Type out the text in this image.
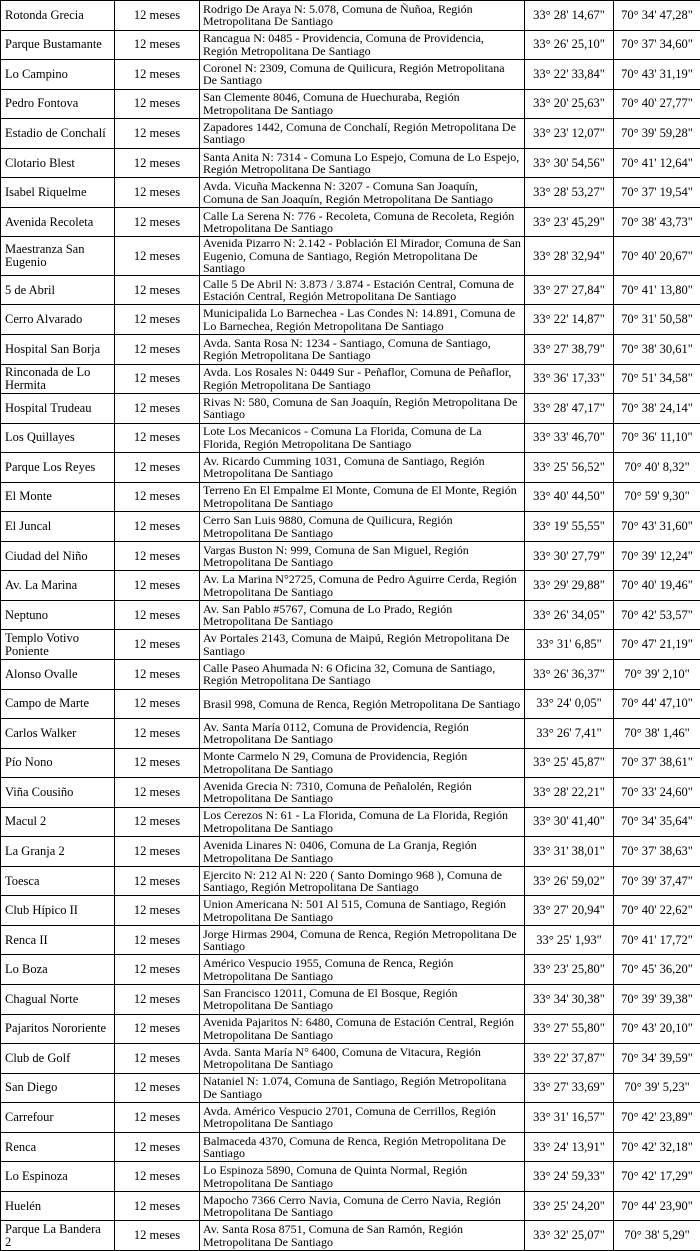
Rotonda Grecia	12 meses	Rodrigo De Araya N: 5.078, Comuna de Ñuñoa, Región Metropolitana De Santiago	33° 28' 14,67"	70° 34' 47,28"
Parque Bustamante	12 meses	Rancagua N: 0485 - Providencia, Comuna de Providencia, Región Metropolitana De Santiago	33° 26' 25,10"	70° 37' 34,60"
Lo Campino	12 meses	Coronel N: 2309, Comuna de Quilicura, Región Metropolitana De Santiago	33° 22' 33,84"	70° 43' 31,19"
Pedro Fontova	12 meses	San Clemente 8046, Comuna de Huechuraba, Región Metropolitana De Santiago	33° 20' 25,63"	70° 40' 27,77"
Estadio de Conchalí	12 meses	Zapadores 1442, Comuna de Conchalí, Región Metropolitana De Santiago	33° 23' 12,07"	70° 39' 59,28"
Clotario Blest	12 meses	Santa Anita N: 7314 - Comuna Lo Espejo, Comuna de Lo Espejo, Región Metropolitana De Santiago	33° 30' 54,56"	70° 41' 12,64"
Isabel Riquelme	12 meses	Avda. Vicuña Mackenna N: 3207 - Comuna San Joaquín, Comuna de San Joaquín, Región Metropolitana De Santiago	33° 28' 53,27"	70° 37' 19,54"
Avenida Recoleta	12 meses	Calle La Serena N: 776 - Recoleta, Comuna de Recoleta, Región Metropolitana De Santiago	33° 23' 45,29"	70° 38' 43,73"
Maestranza San Eugenio	12 meses	Avenida Pizarro N: 2.142 - Población El Mirador, Comuna de San Eugenio, Comuna de Santiago, Región Metropolitana De Santiago	33° 28' 32,94"	70° 40' 20,67"
5 de Abril	12 meses	Calle 5 De Abril N: 3.873 / 3.874 - Estación Central, Comuna de Estación Central, Región Metropolitana De Santiago	33° 27' 27,84"	70° 41' 13,80"
Cerro Alvarado	12 meses	Municipalida Lo Barnechea - Las Condes N: 14.891, Comuna de Lo Barnechea, Región Metropolitana De Santiago	33° 22' 14,87"	70° 31' 50,58"
Hospital San Borja	12 meses	Avda. Santa Rosa N: 1234 - Santiago, Comuna de Santiago, Región Metropolitana De Santiago	33° 27' 38,79"	70° 38' 30,61"
Rinconada de Lo Hermita	12 meses	Avda. Los Rosales N: 0449 Sur - Peñaflor, Comuna de Peñaflor, Región Metropolitana De Santiago	33° 36' 17,33"	70° 51' 34,58"
Hospital Trudeau	12 meses	Rivas N: 580, Comuna de San Joaquín, Región Metropolitana De Santiago	33° 28' 47,17"	70° 38' 24,14"
Los Quillayes	12 meses	Lote Los Mecanicos - Comuna La Florida, Comuna de La Florida, Región Metropolitana De Santiago	33° 33' 46,70"	70° 36' 11,10"
Parque Los Reyes	12 meses	Av. Ricardo Cumming 1031, Comuna de Santiago, Región Metropolitana De Santiago	33° 25' 56,52"	70° 40' 8,32"
El Monte	12 meses	Terreno En El Empalme El Monte, Comuna de El Monte, Región Metropolitana De Santiago	33° 40' 44,50"	70° 59' 9,30"
El Juncal	12 meses	Cerro San Luis 9880, Comuna de Quilicura, Región Metropolitana De Santiago	33° 19' 55,55"	70° 43' 31,60"
Ciudad del Niño	12 meses	Vargas Buston N: 999, Comuna de San Miguel, Región Metropolitana De Santiago	33° 30' 27,79"	70° 39' 12,24"
Av. La Marina	12 meses	Av. La Marina N°2725, Comuna de Pedro Aguirre Cerda, Región Metropolitana De Santiago	33° 29' 29,88"	70° 40' 19,46"
Neptuno	12 meses	Av. San Pablo #5767, Comuna de Lo Prado, Región Metropolitana De Santiago	33° 26' 34,05"	70° 42' 53,57"
Templo Votivo Poniente	12 meses	Av Portales 2143, Comuna de Maipú, Región Metropolitana De Santiago	33° 31' 6,85"	70° 47' 21,19"
Alonso Ovalle	12 meses	Calle Paseo Ahumada N: 6 Oficina 32, Comuna de Santiago, Región Metropolitana De Santiago	33° 26' 36,37"	70° 39' 2,10"
Campo de Marte	12 meses	Brasil 998, Comuna de Renca, Región Metropolitana De Santiago	33° 24' 0,05"	70° 44' 47,10"
Carlos Walker	12 meses	Av. Santa María 0112, Comuna de Providencia, Región Metropolitana De Santiago	33° 26' 7,41"	70° 38' 1,46"
Pío Nono	12 meses	Monte Carmelo N 29, Comuna de Providencia, Región Metropolitana De Santiago	33° 25' 45,87"	70° 37' 38,61"
Viña Cousiño	12 meses	Avenida Grecia N: 7310, Comuna de Peñalolén, Región Metropolitana De Santiago	33° 28' 22,21"	70° 33' 24,60"
Macul 2	12 meses	Los Cerezos N: 61 - La Florida, Comuna de La Florida, Región Metropolitana De Santiago	33° 30' 41,40"	70° 34' 35,64"
La Granja 2	12 meses	Avenida Linares N: 0406, Comuna de La Granja, Región Metropolitana De Santiago	33° 31' 38,01"	70° 37' 38,63"
Toesca	12 meses	Ejercito N: 212 Al N: 220 ( Santo Domingo 968 ), Comuna de Santiago, Región Metropolitana De Santiago	33° 26' 59,02"	70° 39' 37,47"
Club Hípico II	12 meses	Union Americana N: 501 Al 515, Comuna de Santiago, Región Metropolitana De Santiago	33° 27' 20,94"	70° 40' 22,62"
Renca II	12 meses	Jorge Hirmas 2904, Comuna de Renca, Región Metropolitana De Santiago	33° 25' 1,93"	70° 41' 17,72"
Lo Boza	12 meses	Américo Vespucio 1955, Comuna de Renca, Región Metropolitana De Santiago	33° 23' 25,80"	70° 45' 36,20"
Chagual Norte	12 meses	San Francisco 12011, Comuna de El Bosque, Región Metropolitana De Santiago	33° 34' 30,38"	70° 39' 39,38"
Pajaritos Nororiente	12 meses	Avenida Pajaritos N: 6480, Comuna de Estación Central, Región Metropolitana De Santiago	33° 27' 55,80"	70° 43' 20,10"
Club de Golf	12 meses	Avda. Santa María N° 6400, Comuna de Vitacura, Región Metropolitana De Santiago	33° 22' 37,87"	70° 34' 39,59"
San Diego	12 meses	Nataniel N: 1.074, Comuna de Santiago, Región Metropolitana De Santiago	33° 27' 33,69"	70° 39' 5,23"
Carrefour	12 meses	Avda. Américo Vespucio 2701, Comuna de Cerrillos, Región Metropolitana De Santiago	33° 31' 16,57"	70° 42' 23,89"
Renca	12 meses	Balmaceda 4370, Comuna de Renca, Región Metropolitana De Santiago	33° 24' 13,91"	70° 42' 32,18"
Lo Espinoza	12 meses	Lo Espinoza 5890, Comuna de Quinta Normal, Región Metropolitana De Santiago	33° 24' 59,33"	70° 42' 17,29"
Huelén	12 meses	Mapocho 7366 Cerro Navia, Comuna de Cerro Navia, Región Metropolitana De Santiago	33° 25' 24,20"	70° 44' 23,90"
Parque La Bandera 2	12 meses	Av. Santa Rosa 8751, Comuna de San Ramón, Región Metropolitana De Santiago	33° 32' 25,07"	70° 38' 5,29"
